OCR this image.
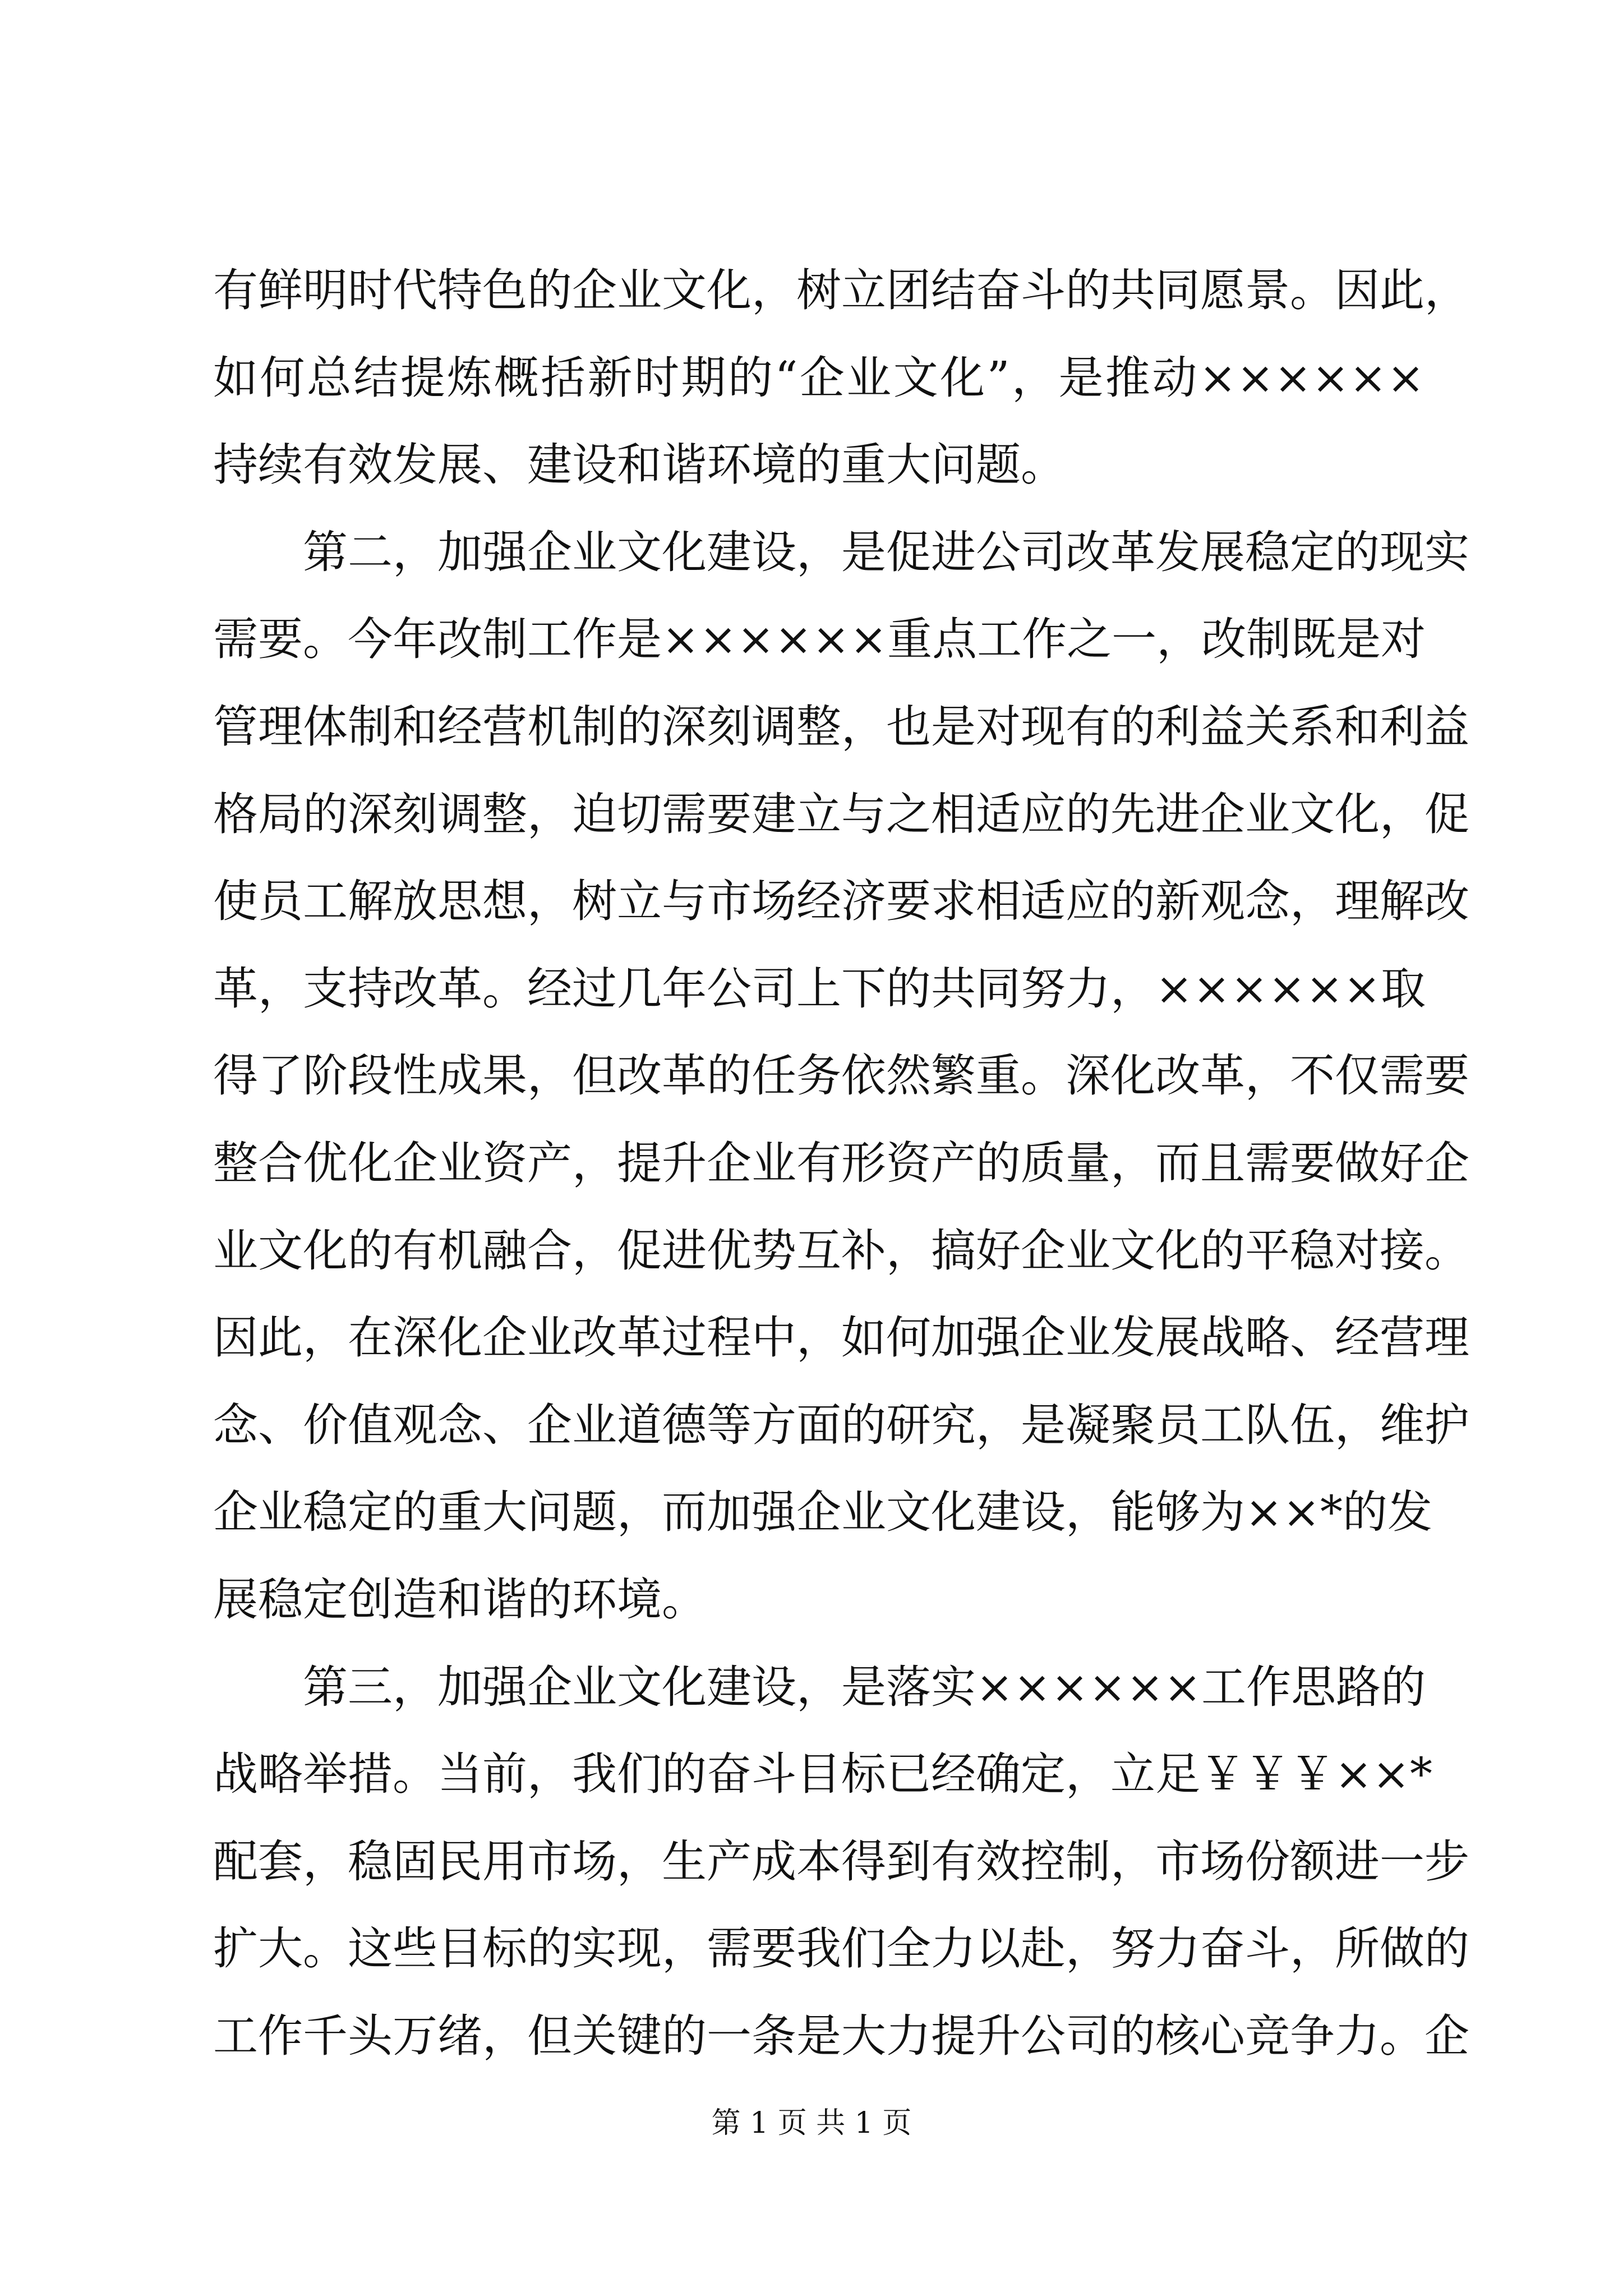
有鲜明时代特色的企业文化，树立团结奋斗的共同愿景。因此，
如何总结提炼概括新时期的“企业文化”，是推动××××××
持续有效发展、建设和谐环境的重大问题。
第二，加强企业文化建设，是促进公司改革发展稳定的现实
需要。今年改制工作是××××××重点工作之一，改制既是对
管理体制和经营机制的深刻调整，也是对现有的利益关系和利益
格局的深刻调整，迫切需要建立与之相适应的先进企业文化，促
使员工解放思想，树立与市场经济要求相适应的新观念，理解改
革，支持改革。经过几年公司上下的共同努力，××××××取
得了阶段性成果，但改革的任务依然繁重。深化改革，不仅需要
整合优化企业资产，提升企业有形资产的质量，而且需要做好企
业文化的有机融合，促进优势互补，搞好企业文化的平稳对接。
因此，在深化企业改革过程中，如何加强企业发展战略、经营理
念、价值观念、企业道德等方面的研究，是凝聚员工队伍，维护
企业稳定的重大问题，而加强企业文化建设，能够为××*的发
展稳定创造和谐的环境。
第三，加强企业文化建设，是落实××××××工作思路的
战略举措。当前，我们的奋斗目标已经确定，立足￥￥￥××*
配套，稳固民用市场，生产成本得到有效控制，市场份额进一步
扩大。这些目标的实现，需要我们全力以赴，努力奋斗，所做的
工作千头万绪，但关键的一条是大力提升公司的核心竞争力。企
第 1 页 共 1 页
